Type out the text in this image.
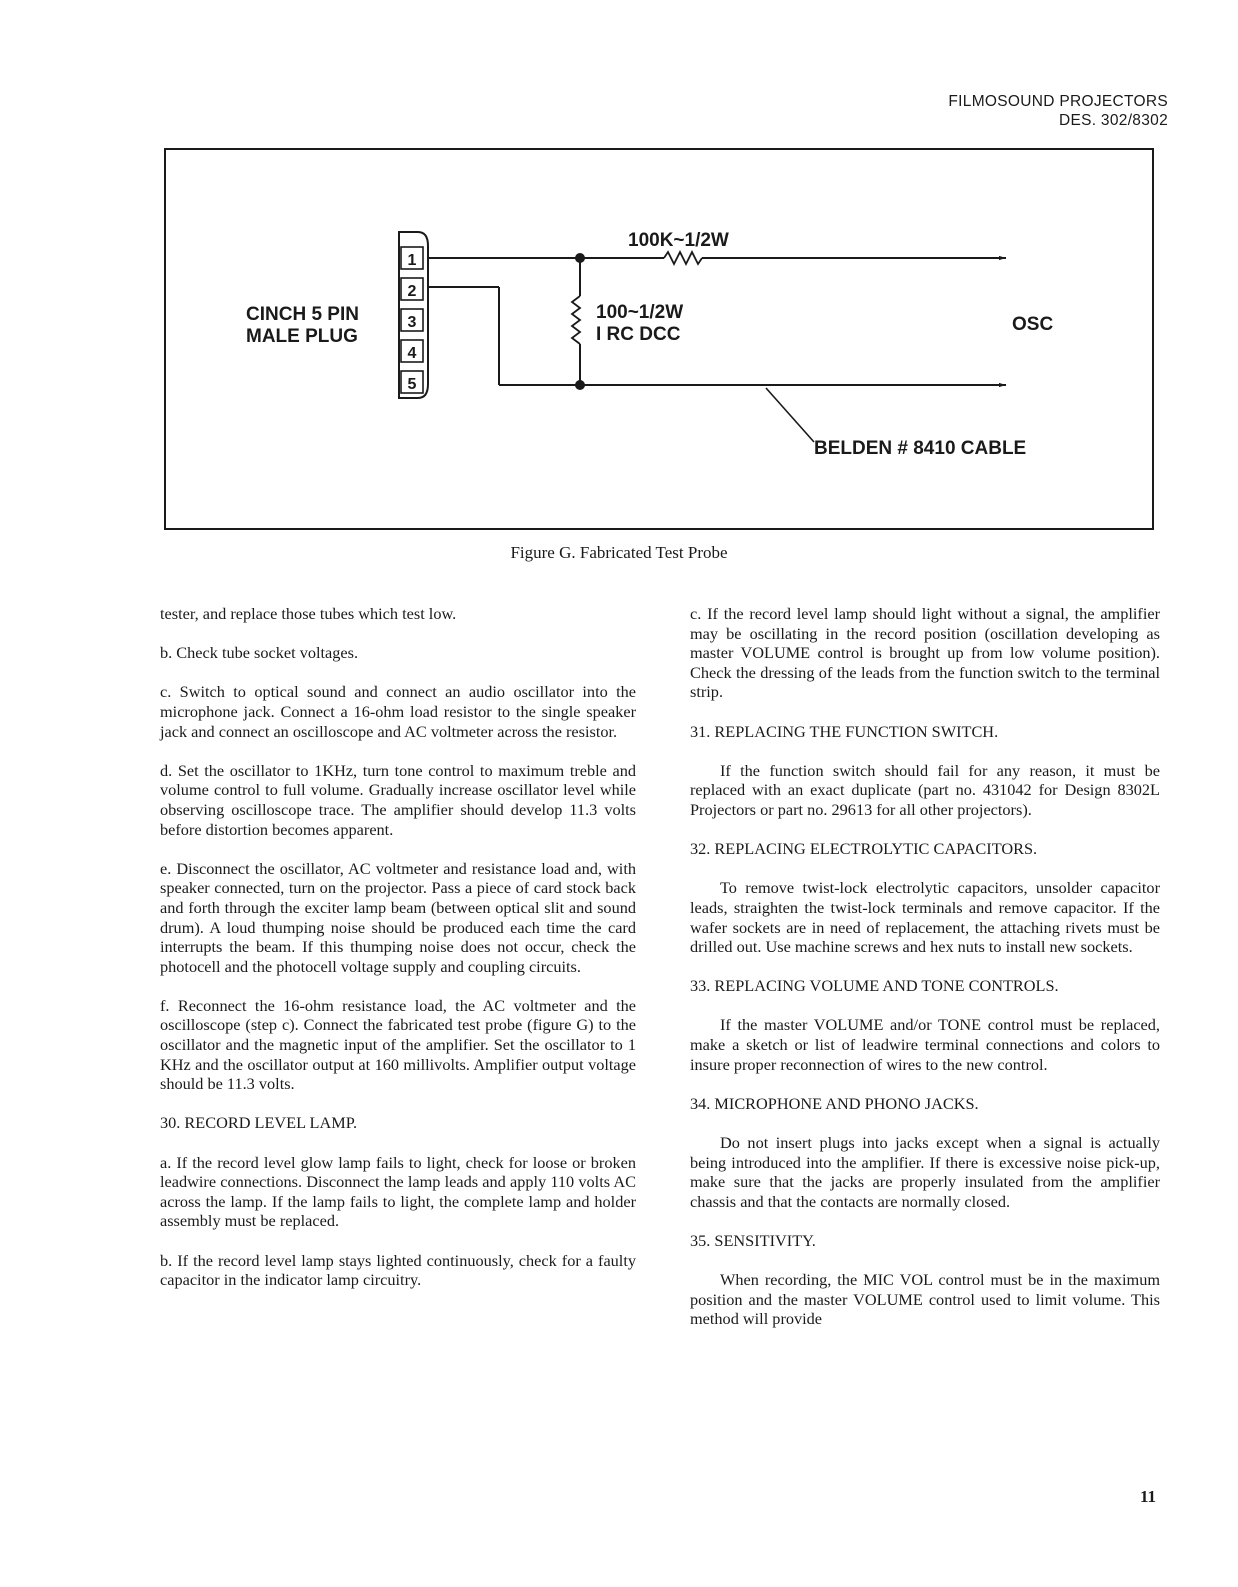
FILMOSOUND PROJECTORS
DES. 302/8302
1
2
3
4
5
CINCH 5 PIN
MALE PLUG
100K~1/2W
100~1/2W
I RC DCC	OSC
BELDEN # 8410 CABLE
Figure G. Fabricated Test Probe

tester, and replace those tubes which test low.

b. Check tube socket voltages.

c. Switch to optical sound and connect an audio oscillator into the microphone jack. Connect a 16-ohm load resistor to the single speaker jack and connect an oscilloscope and AC voltmeter across the resistor.

d. Set the oscillator to 1KHz, turn tone control to maximum treble and volume control to full volume. Gradually increase oscillator level while observing oscilloscope trace. The amplifier should develop 11.3 volts before distortion becomes apparent.

e. Disconnect the oscillator, AC voltmeter and resistance load and, with speaker connected, turn on the projector. Pass a piece of card stock back and forth through the exciter lamp beam (between optical slit and sound drum). A loud thumping noise should be produced each time the card interrupts the beam. If this thumping noise does not occur, check the photocell and the photocell voltage supply and coupling circuits.

f. Reconnect the 16-ohm resistance load, the AC voltmeter and the oscilloscope (step c). Connect the fabricated test probe (figure G) to the oscillator and the magnetic input of the amplifier. Set the oscillator to 1 KHz and the oscillator output at 160 millivolts. Amplifier output voltage should be 11.3 volts.

30. RECORD LEVEL LAMP.

a. If the record level glow lamp fails to light, check for loose or broken leadwire connections. Disconnect the lamp leads and apply 110 volts AC across the lamp. If the lamp fails to light, the complete lamp and holder assembly must be replaced.

b. If the record level lamp stays lighted continuously, check for a faulty capacitor in the indicator lamp circuitry.

c. If the record level lamp should light without a signal, the amplifier may be oscillating in the record position (oscillation developing as master VOLUME control is brought up from low volume position). Check the dressing of the leads from the function switch to the terminal strip.

31. REPLACING THE FUNCTION SWITCH.

If the function switch should fail for any reason, it must be replaced with an exact duplicate (part no. 431042 for Design 8302L Projectors or part no. 29613 for all other projectors).

32. REPLACING ELECTROLYTIC CAPACITORS.

To remove twist-lock electrolytic capacitors, unsolder capacitor leads, straighten the twist-lock terminals and remove capacitor. If the wafer sockets are in need of replacement, the attaching rivets must be drilled out. Use machine screws and hex nuts to install new sockets.

33. REPLACING VOLUME AND TONE CONTROLS.

If the master VOLUME and/or TONE control must be replaced, make a sketch or list of leadwire terminal connections and colors to insure proper reconnection of wires to the new control.

34. MICROPHONE AND PHONO JACKS.

Do not insert plugs into jacks except when a signal is actually being introduced into the amplifier. If there is excessive noise pick-up, make sure that the jacks are properly insulated from the amplifier chassis and that the contacts are normally closed.

35. SENSITIVITY.

When recording, the MIC VOL control must be in the maximum position and the master VOLUME control used to limit volume. This method will provide

11
